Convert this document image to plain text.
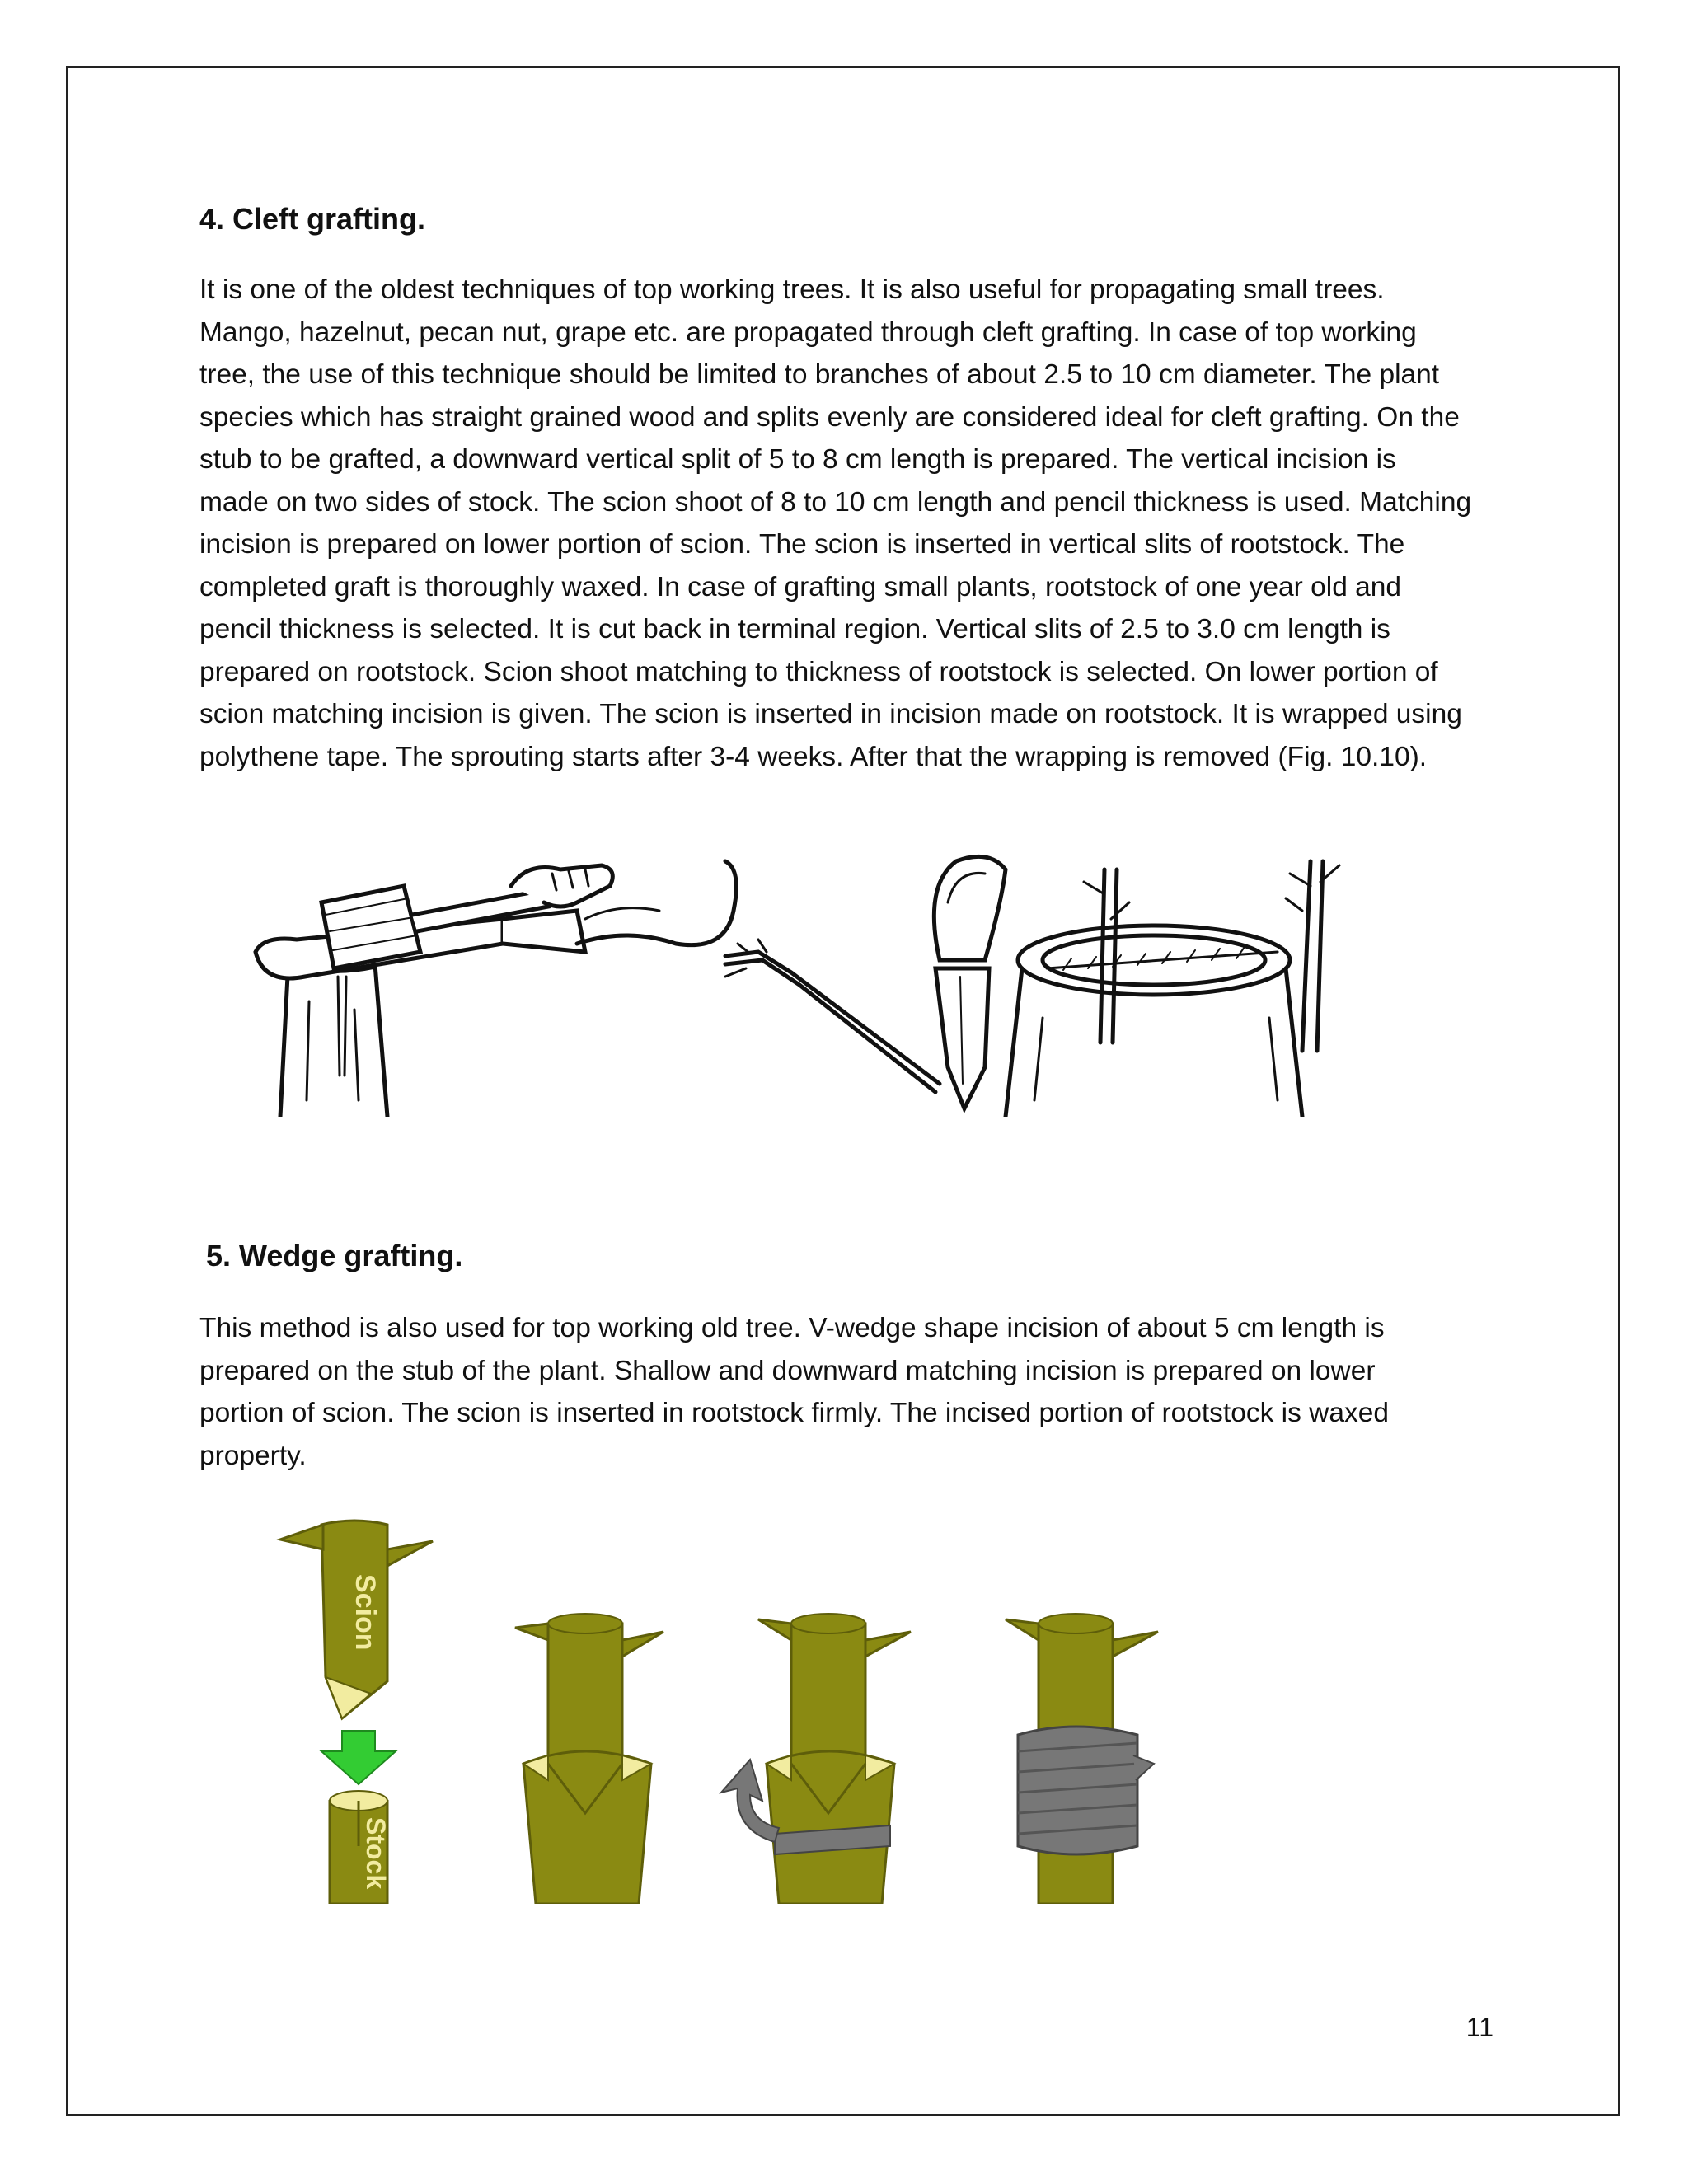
4. Cleft grafting.
It is one of the oldest techniques of top working trees. It is also useful for propagating small trees.
Mango, hazelnut, pecan nut, grape etc. are propagated through cleft grafting. In case of top working
tree, the use of this technique should be limited to branches of about 2.5 to 10 cm diameter. The plant
species which has straight grained wood and splits evenly are considered ideal for cleft grafting. On the
stub to be grafted, a downward vertical split of 5 to 8 cm length is prepared. The vertical incision is
made on two sides of stock. The scion shoot of 8 to 10 cm length and pencil thickness is used. Matching
incision is prepared on lower portion of scion. The scion is inserted in vertical slits of rootstock. The
completed graft is thoroughly waxed. In case of grafting small plants, rootstock of one year old and
pencil thickness is selected. It is cut back in terminal region. Vertical slits of 2.5 to 3.0 cm length is
prepared on rootstock. Scion shoot matching to thickness of rootstock is selected. On lower portion of
scion matching incision is given. The scion is inserted in incision made on rootstock. It is wrapped using
polythene tape. The sprouting starts after 3-4 weeks. After that the wrapping is removed (Fig. 10.10).
5. Wedge grafting.
This method is also used for top working old tree. V-wedge shape incision of about 5 cm length is
prepared on the stub of the plant. Shallow and downward matching incision is prepared on lower
portion of scion. The scion is inserted in rootstock firmly. The incised portion of rootstock is waxed
property.
Scion
Stock
11
